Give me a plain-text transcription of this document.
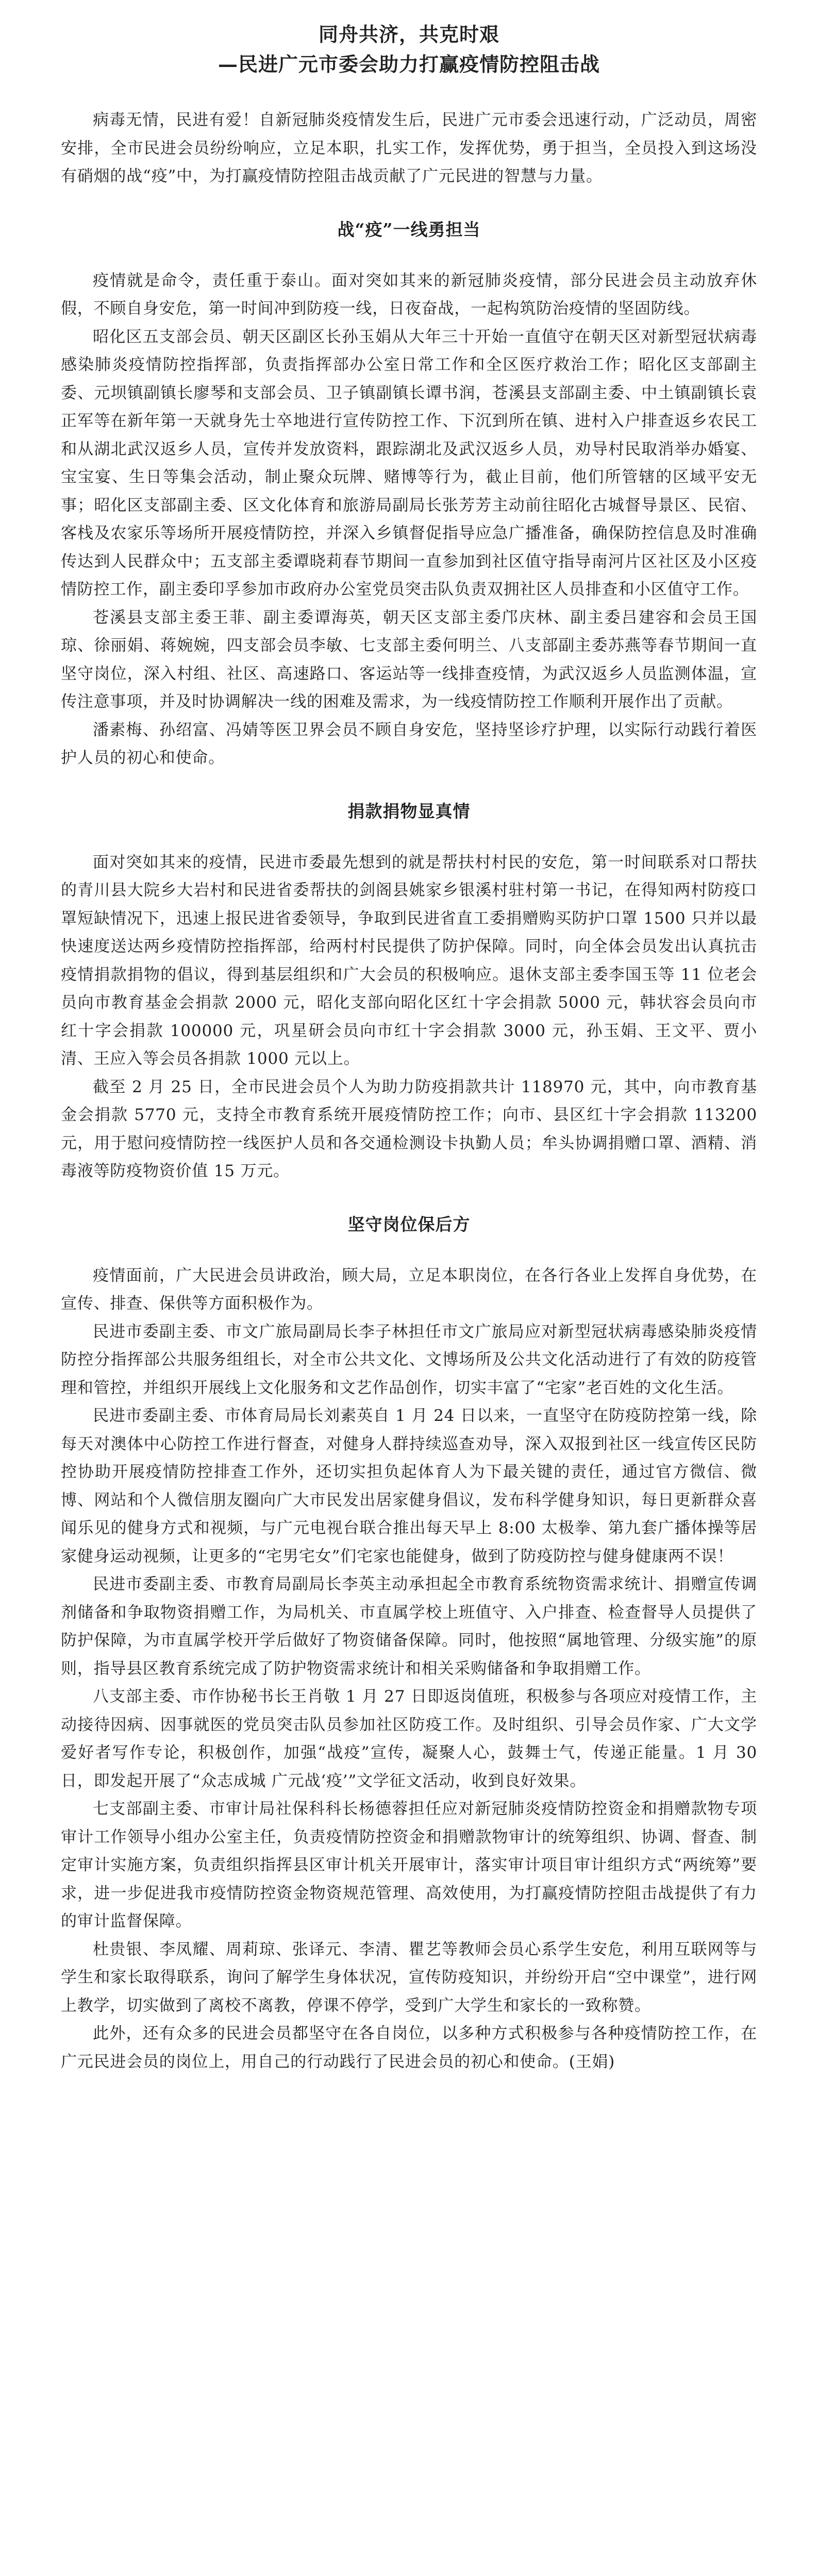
同舟共济，共克时艰
—民进广元市委会助力打赢疫情防控阻击战

病毒无情，民进有爱！自新冠肺炎疫情发生后，民进广元市委会迅速行动，广泛动员，周密安排，全市民进会员纷纷响应，立足本职，扎实工作，发挥优势，勇于担当，全员投入到这场没有硝烟的战“疫”中，为打赢疫情防控阻击战贡献了广元民进的智慧与力量。

战“疫”一线勇担当

疫情就是命令，责任重于泰山。面对突如其来的新冠肺炎疫情，部分民进会员主动放弃休假，不顾自身安危，第一时间冲到防疫一线，日夜奋战，一起构筑防治疫情的坚固防线。

昭化区五支部会员、朝天区副区长孙玉娟从大年三十开始一直值守在朝天区对新型冠状病毒感染肺炎疫情防控指挥部，负责指挥部办公室日常工作和全区医疗救治工作；昭化区支部副主委、元坝镇副镇长廖琴和支部会员、卫子镇副镇长谭书润，苍溪县支部副主委、中土镇副镇长袁正军等在新年第一天就身先士卒地进行宣传防控工作、下沉到所在镇、进村入户排查返乡农民工和从湖北武汉返乡人员，宣传并发放资料，跟踪湖北及武汉返乡人员，劝导村民取消举办婚宴、宝宝宴、生日等集会活动，制止聚众玩牌、赌博等行为，截止目前，他们所管辖的区域平安无事；昭化区支部副主委、区文化体育和旅游局副局长张芳芳主动前往昭化古城督导景区、民宿、客栈及农家乐等场所开展疫情防控，并深入乡镇督促指导应急广播准备，确保防控信息及时准确传达到人民群众中；五支部主委谭晓莉春节期间一直参加到社区值守指导南河片区社区及小区疫情防控工作，副主委印孚参加市政府办公室党员突击队负责双拥社区人员排查和小区值守工作。

苍溪县支部主委王菲、副主委谭海英，朝天区支部主委邝庆林、副主委吕建容和会员王国琼、徐丽娟、蒋婉婉，四支部会员李敏、七支部主委何明兰、八支部副主委苏燕等春节期间一直坚守岗位，深入村组、社区、高速路口、客运站等一线排查疫情，为武汉返乡人员监测体温，宣传注意事项，并及时协调解决一线的困难及需求，为一线疫情防控工作顺利开展作出了贡献。

潘素梅、孙绍富、冯婧等医卫界会员不顾自身安危，坚持坚诊疗护理，以实际行动践行着医护人员的初心和使命。

捐款捐物显真情

面对突如其来的疫情，民进市委最先想到的就是帮扶村村民的安危，第一时间联系对口帮扶的青川县大院乡大岩村和民进省委帮扶的剑阁县姚家乡银溪村驻村第一书记，在得知两村防疫口罩短缺情况下，迅速上报民进省委领导，争取到民进省直工委捐赠购买防护口罩 1500 只并以最快速度送达两乡疫情防控指挥部，给两村村民提供了防护保障。同时，向全体会员发出认真抗击疫情捐款捐物的倡议，得到基层组织和广大会员的积极响应。退休支部主委李国玉等 11 位老会员向市教育基金会捐款 2000 元，昭化支部向昭化区红十字会捐款 5000 元，韩状容会员向市红十字会捐款 100000 元，巩星研会员向市红十字会捐款 3000 元，孙玉娟、王文平、贾小清、王应入等会员各捐款 1000 元以上。

截至 2 月 25 日，全市民进会员个人为助力防疫捐款共计 118970 元，其中，向市教育基金会捐款 5770 元，支持全市教育系统开展疫情防控工作；向市、县区红十字会捐款 113200 元，用于慰问疫情防控一线医护人员和各交通检测设卡执勤人员；牟头协调捐赠口罩、酒精、消毒液等防疫物资价值 15 万元。

坚守岗位保后方

疫情面前，广大民进会员讲政治，顾大局，立足本职岗位，在各行各业上发挥自身优势，在宣传、排查、保供等方面积极作为。

民进市委副主委、市文广旅局副局长李子林担任市文广旅局应对新型冠状病毒感染肺炎疫情防控分指挥部公共服务组组长，对全市公共文化、文博场所及公共文化活动进行了有效的防疫管理和管控，并组织开展线上文化服务和文艺作品创作，切实丰富了“宅家”老百姓的文化生活。

民进市委副主委、市体育局局长刘素英自 1 月 24 日以来，一直坚守在防疫防控第一线，除每天对澳体中心防控工作进行督查，对健身人群持续巡查劝导，深入双报到社区一线宣传区民防控协助开展疫情防控排查工作外，还切实担负起体育人为下最关键的责任，通过官方微信、微博、网站和个人微信朋友圈向广大市民发出居家健身倡议，发布科学健身知识，每日更新群众喜闻乐见的健身方式和视频，与广元电视台联合推出每天早上 8:00 太极拳、第九套广播体操等居家健身运动视频，让更多的“宅男宅女”们宅家也能健身，做到了防疫防控与健身健康两不误！

民进市委副主委、市教育局副局长李英主动承担起全市教育系统物资需求统计、捐赠宣传调剂储备和争取物资捐赠工作，为局机关、市直属学校上班值守、入户排查、检查督导人员提供了防护保障，为市直属学校开学后做好了物资储备保障。同时，他按照“属地管理、分级实施”的原则，指导县区教育系统完成了防护物资需求统计和相关采购储备和争取捐赠工作。

八支部主委、市作协秘书长王肖敬 1 月 27 日即返岗值班，积极参与各项应对疫情工作，主动接待因病、因事就医的党员突击队员参加社区防疫工作。及时组织、引导会员作家、广大文学爱好者写作专论，积极创作，加强“战疫”宣传，凝聚人心，鼓舞士气，传递正能量。1 月 30 日，即发起开展了“众志成城 广元战‘疫’”文学征文活动，收到良好效果。

七支部副主委、市审计局社保科科长杨德蓉担任应对新冠肺炎疫情防控资金和捐赠款物专项审计工作领导小组办公室主任，负责疫情防控资金和捐赠款物审计的统筹组织、协调、督查、制定审计实施方案，负责组织指挥县区审计机关开展审计，落实审计项目审计组织方式“两统筹”要求，进一步促进我市疫情防控资金物资规范管理、高效使用，为打赢疫情防控阻击战提供了有力的审计监督保障。

杜贵银、李凤耀、周莉琼、张译元、李清、瞿艺等教师会员心系学生安危，利用互联网等与学生和家长取得联系，询问了解学生身体状况，宣传防疫知识，并纷纷开启“空中课堂”，进行网上教学，切实做到了离校不离教，停课不停学，受到广大学生和家长的一致称赞。

此外，还有众多的民进会员都坚守在各自岗位，以多种方式积极参与各种疫情防控工作，在广元民进会员的岗位上，用自己的行动践行了民进会员的初心和使命。(王娟)
